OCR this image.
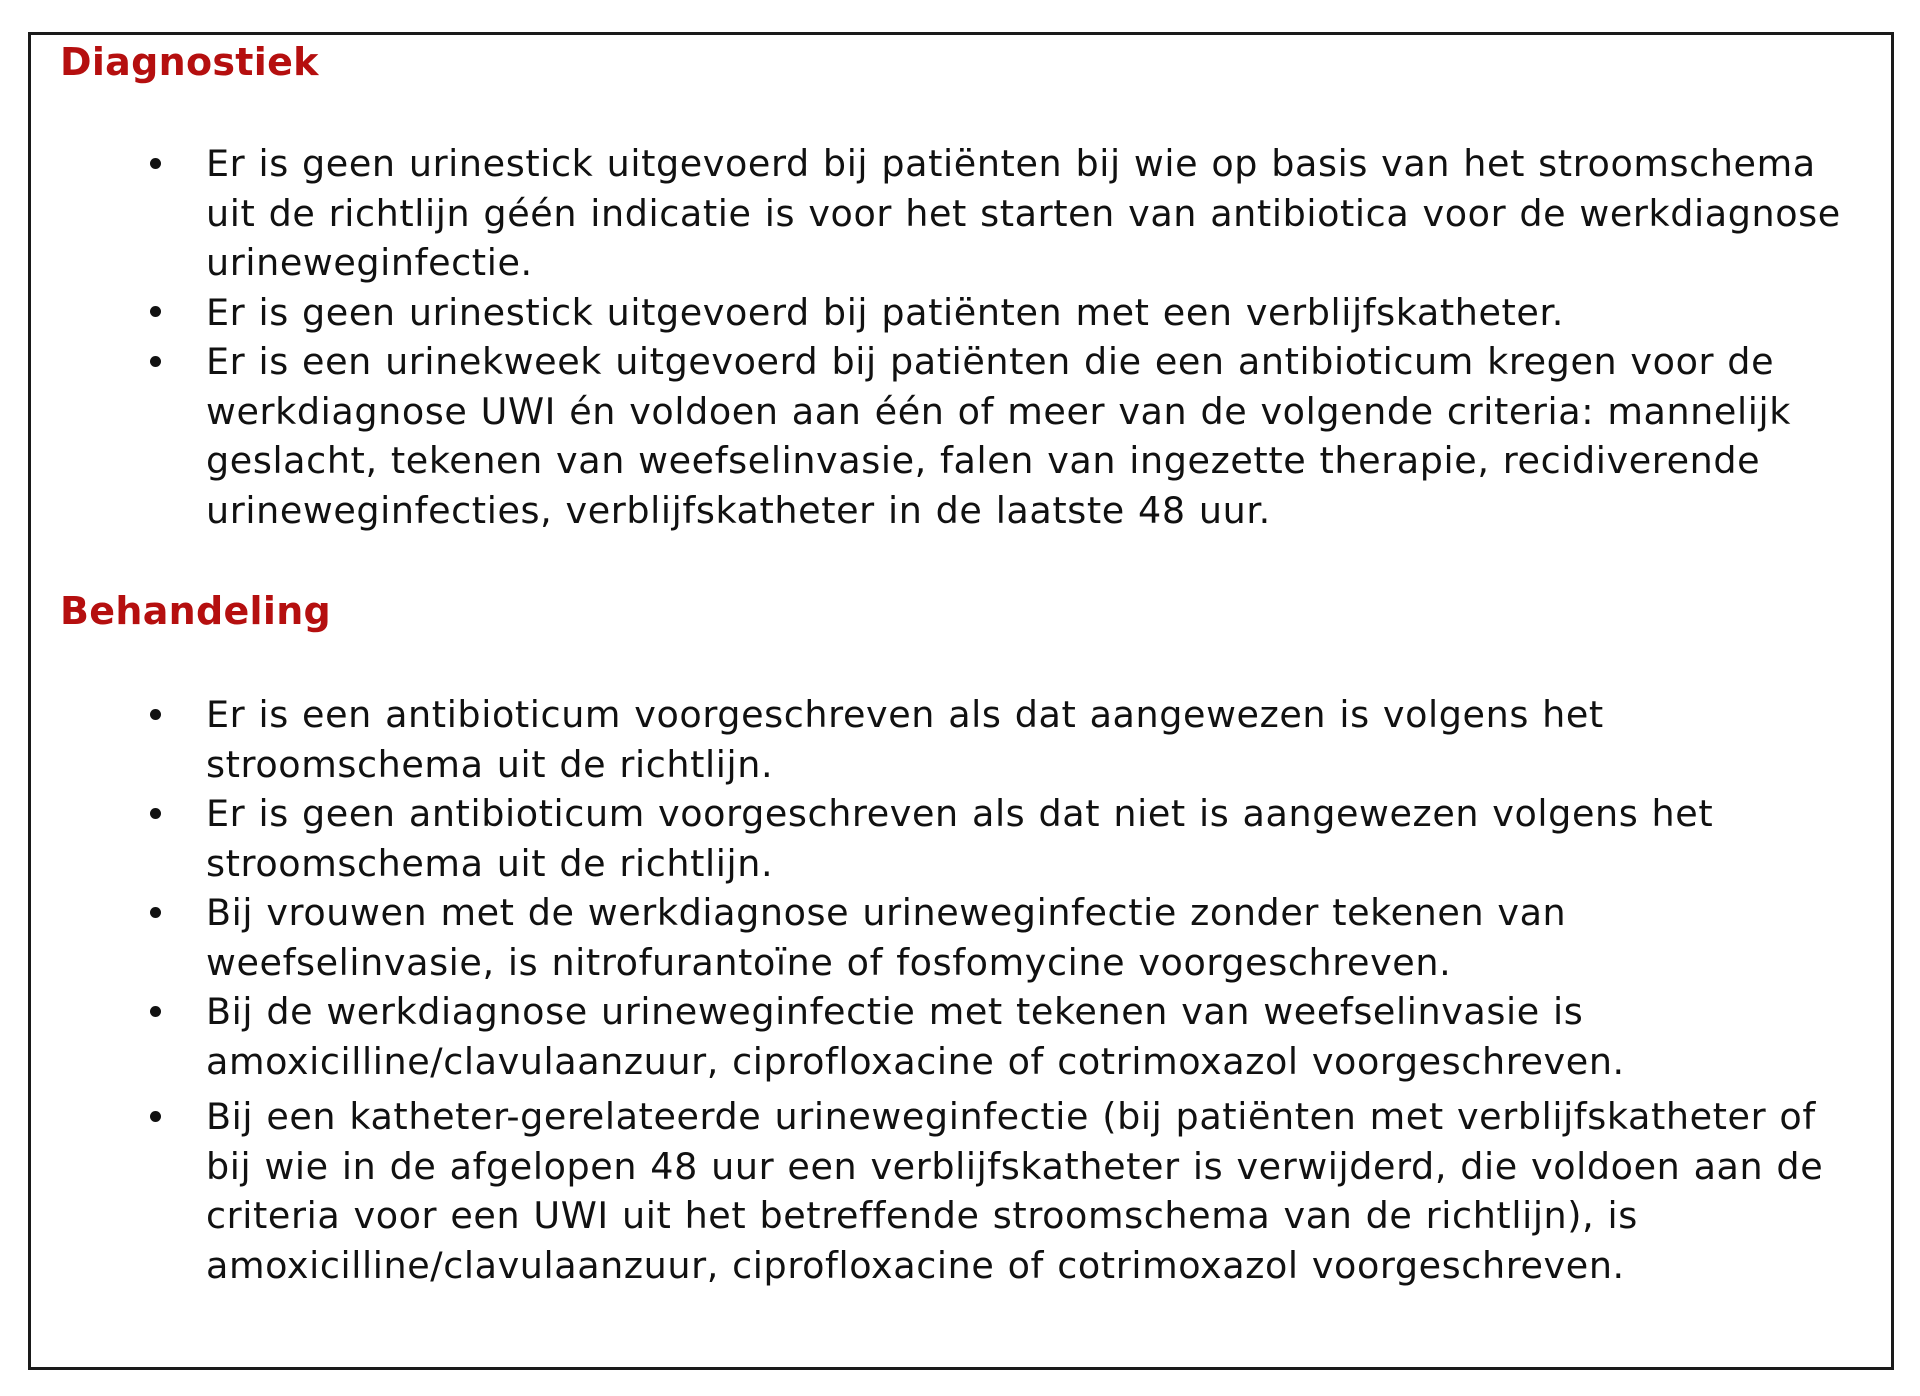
Diagnostiek
Er is geen urinestick uitgevoerd bij patiënten bij wie op basis van het stroomschema uit de richtlijn géén indicatie is voor het starten van antibiotica voor de werkdiagnose urineweginfectie.
Er is geen urinestick uitgevoerd bij patiënten met een verblijfskatheter.
Er is een urinekweek uitgevoerd bij patiënten die een antibioticum kregen voor de werkdiagnose UWI én voldoen aan één of meer van de volgende criteria: mannelijk geslacht, tekenen van weefselinvasie, falen van ingezette therapie, recidiverende urineweginfecties, verblijfskatheter in de laatste 48 uur.
Behandeling
Er is een antibioticum voorgeschreven als dat aangewezen is volgens het stroomschema uit de richtlijn.
Er is geen antibioticum voorgeschreven als dat niet is aangewezen volgens het stroomschema uit de richtlijn.
Bij vrouwen met de werkdiagnose urineweginfectie zonder tekenen van weefselinvasie, is nitrofurantoïne of fosfomycine voorgeschreven.
Bij de werkdiagnose urineweginfectie met tekenen van weefselinvasie is amoxicilline/clavulaanzuur, ciprofloxacine of cotrimoxazol voorgeschreven.
Bij een katheter-gerelateerde urineweginfectie (bij patiënten met verblijfskatheter of bij wie in de afgelopen 48 uur een verblijfskatheter is verwijderd, die voldoen aan de criteria voor een UWI uit het betreffende stroomschema van de richtlijn), is amoxicilline/clavulaanzuur, ciprofloxacine of cotrimoxazol voorgeschreven.
